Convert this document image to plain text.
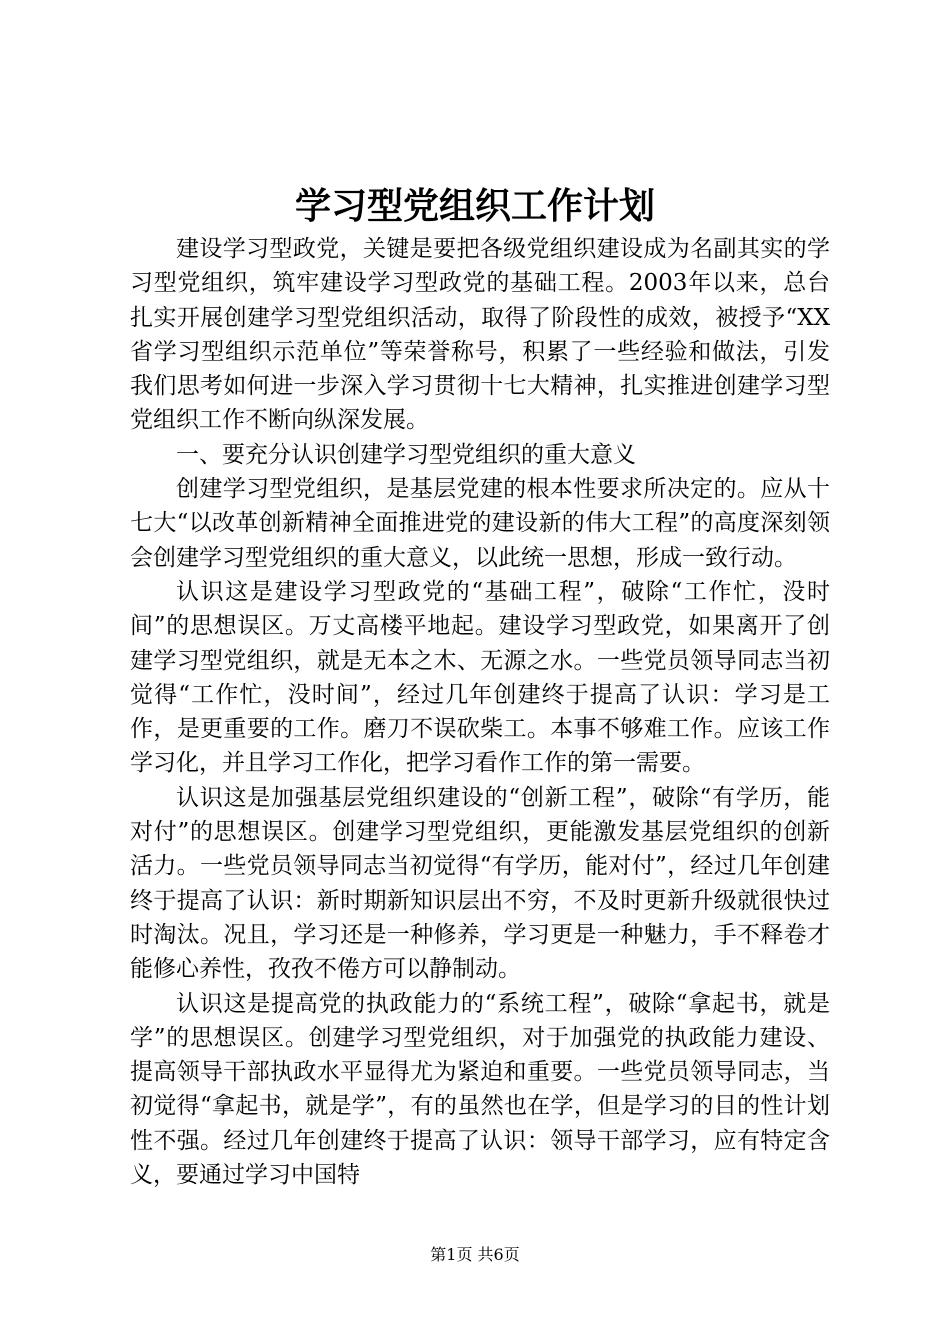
学习型党组织工作计划

建设学习型政党，关键是要把各级党组织建设成为名副其实的学习型党组织，筑牢建设学习型政党的基础工程。2003年以来，总台扎实开展创建学习型党组织活动，取得了阶段性的成效，被授予“XX省学习型组织示范单位”等荣誉称号，积累了一些经验和做法，引发我们思考如何进一步深入学习贯彻十七大精神，扎实推进创建学习型党组织工作不断向纵深发展。

一、要充分认识创建学习型党组织的重大意义

创建学习型党组织，是基层党建的根本性要求所决定的。应从十七大“以改革创新精神全面推进党的建设新的伟大工程”的高度深刻领会创建学习型党组织的重大意义，以此统一思想，形成一致行动。

认识这是建设学习型政党的“基础工程”，破除“工作忙，没时间”的思想误区。万丈高楼平地起。建设学习型政党，如果离开了创建学习型党组织，就是无本之木、无源之水。一些党员领导同志当初觉得“工作忙，没时间”，经过几年创建终于提高了认识：学习是工作，是更重要的工作。磨刀不误砍柴工。本事不够难工作。应该工作学习化，并且学习工作化，把学习看作工作的第一需要。

认识这是加强基层党组织建设的“创新工程”，破除“有学历，能对付”的思想误区。创建学习型党组织，更能激发基层党组织的创新活力。一些党员领导同志当初觉得“有学历，能对付”，经过几年创建终于提高了认识：新时期新知识层出不穷，不及时更新升级就很快过时淘汰。况且，学习还是一种修养，学习更是一种魅力，手不释卷才能修心养性，孜孜不倦方可以静制动。

认识这是提高党的执政能力的“系统工程”，破除“拿起书，就是学”的思想误区。创建学习型党组织，对于加强党的执政能力建设、提高领导干部执政水平显得尤为紧迫和重要。一些党员领导同志，当初觉得“拿起书，就是学”，有的虽然也在学，但是学习的目的性计划性不强。经过几年创建终于提高了认识：领导干部学习，应有特定含义，要通过学习中国特

第1页 共6页
